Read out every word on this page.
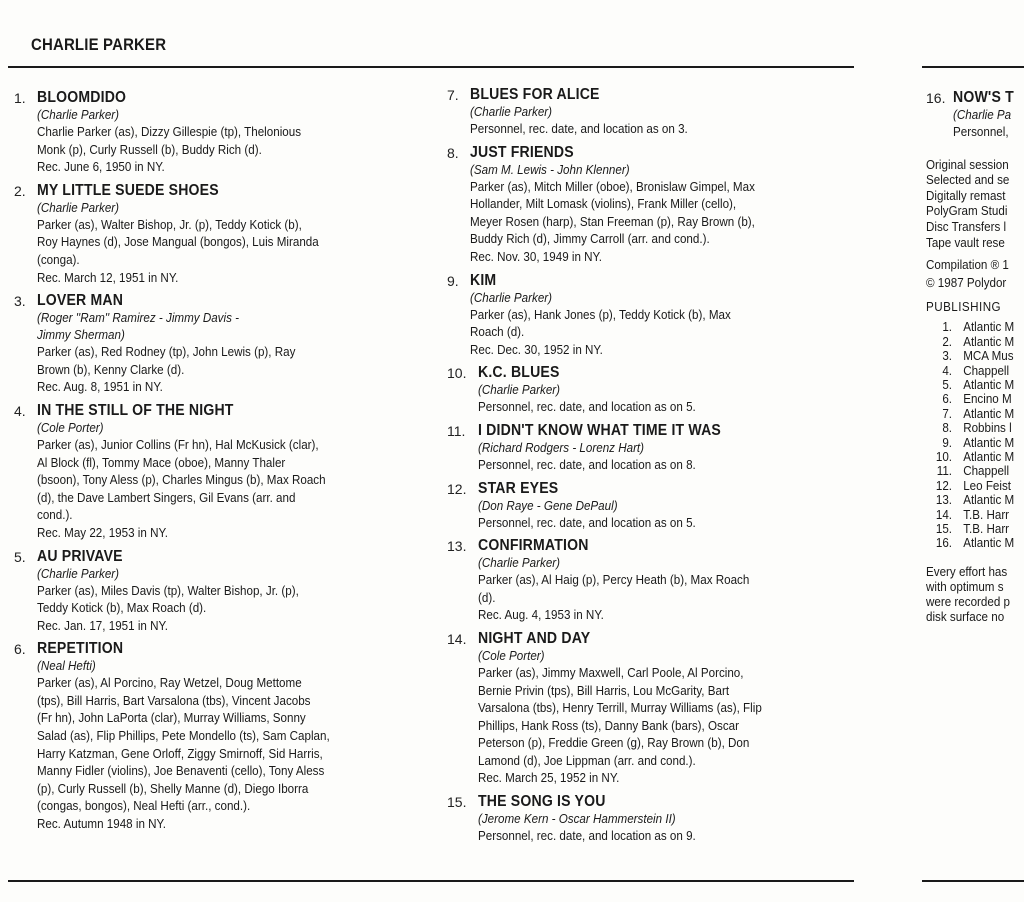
CHARLIE PARKER
1. BLOOMDIDO
(Charlie Parker)
Charlie Parker (as), Dizzy Gillespie (tp), Thelonious
Monk (p), Curly Russell (b), Buddy Rich (d).
Rec. June 6, 1950 in NY.
2. MY LITTLE SUEDE SHOES
(Charlie Parker)
Parker (as), Walter Bishop, Jr. (p), Teddy Kotick (b),
Roy Haynes (d), Jose Mangual (bongos), Luis Miranda
(conga).
Rec. March 12, 1951 in NY.
3. LOVER MAN
(Roger ''Ram'' Ramirez - Jimmy Davis -
Jimmy Sherman)
Parker (as), Red Rodney (tp), John Lewis (p), Ray
Brown (b), Kenny Clarke (d).
Rec. Aug. 8, 1951 in NY.
4. IN THE STILL OF THE NIGHT
(Cole Porter)
Parker (as), Junior Collins (Fr hn), Hal McKusick (clar),
Al Block (fl), Tommy Mace (oboe), Manny Thaler
(bsoon), Tony Aless (p), Charles Mingus (b), Max Roach
(d), the Dave Lambert Singers, Gil Evans (arr. and
cond.).
Rec. May 22, 1953 in NY.
5. AU PRIVAVE
(Charlie Parker)
Parker (as), Miles Davis (tp), Walter Bishop, Jr. (p),
Teddy Kotick (b), Max Roach (d).
Rec. Jan. 17, 1951 in NY.
6. REPETITION
(Neal Hefti)
Parker (as), Al Porcino, Ray Wetzel, Doug Mettome
(tps), Bill Harris, Bart Varsalona (tbs), Vincent Jacobs
(Fr hn), John LaPorta (clar), Murray Williams, Sonny
Salad (as), Flip Phillips, Pete Mondello (ts), Sam Caplan,
Harry Katzman, Gene Orloff, Ziggy Smirnoff, Sid Harris,
Manny Fidler (violins), Joe Benaventi (cello), Tony Aless
(p), Curly Russell (b), Shelly Manne (d), Diego Iborra
(congas, bongos), Neal Hefti (arr., cond.).
Rec. Autumn 1948 in NY.
7. BLUES FOR ALICE
(Charlie Parker)
Personnel, rec. date, and location as on 3.
8. JUST FRIENDS
(Sam M. Lewis - John Klenner)
Parker (as), Mitch Miller (oboe), Bronislaw Gimpel, Max
Hollander, Milt Lomask (violins), Frank Miller (cello),
Meyer Rosen (harp), Stan Freeman (p), Ray Brown (b),
Buddy Rich (d), Jimmy Carroll (arr. and cond.).
Rec. Nov. 30, 1949 in NY.
9. KIM
(Charlie Parker)
Parker (as), Hank Jones (p), Teddy Kotick (b), Max
Roach (d).
Rec. Dec. 30, 1952 in NY.
10. K.C. BLUES
(Charlie Parker)
Personnel, rec. date, and location as on 5.
11. I DIDN'T KNOW WHAT TIME IT WAS
(Richard Rodgers - Lorenz Hart)
Personnel, rec. date, and location as on 8.
12. STAR EYES
(Don Raye - Gene DePaul)
Personnel, rec. date, and location as on 5.
13. CONFIRMATION
(Charlie Parker)
Parker (as), Al Haig (p), Percy Heath (b), Max Roach
(d).
Rec. Aug. 4, 1953 in NY.
14. NIGHT AND DAY
(Cole Porter)
Parker (as), Jimmy Maxwell, Carl Poole, Al Porcino,
Bernie Privin (tps), Bill Harris, Lou McGarity, Bart
Varsalona (tbs), Henry Terrill, Murray Williams (as), Flip
Phillips, Hank Ross (ts), Danny Bank (bars), Oscar
Peterson (p), Freddie Green (g), Ray Brown (b), Don
Lamond (d), Joe Lippman (arr. and cond.).
Rec. March 25, 1952 in NY.
15. THE SONG IS YOU
(Jerome Kern - Oscar Hammerstein II)
Personnel, rec. date, and location as on 9.
16. NOW'S T
(Charlie Pa
Personnel,
Original session
Selected and se
Digitally remast
PolyGram Studi
Disc Transfers l
Tape vault rese
Compilation ® 1
© 1987 Polydor
PUBLISHING
1. Atlantic M
2. Atlantic M
3. MCA Mus
4. Chappell
5. Atlantic M
6. Encino M
7. Atlantic M
8. Robbins l
9. Atlantic M
10. Atlantic M
11. Chappell
12. Leo Feist
13. Atlantic M
14. T.B. Harr
15. T.B. Harr
16. Atlantic M
Every effort has
with optimum s
were recorded p
disk surface no
